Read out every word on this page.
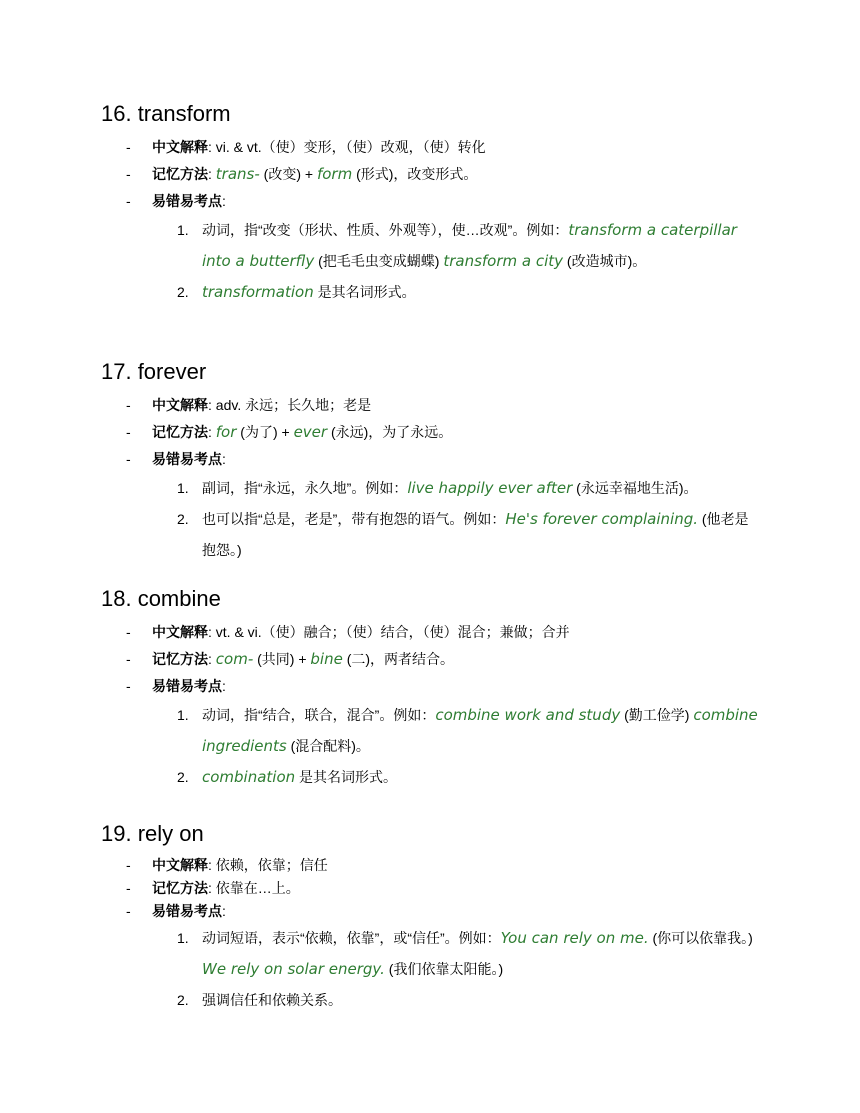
16. transform
- 中文解释: vi. & vt.（使）变形，（使）改观，（使）转化
- 记忆方法: trans- (改变) + form (形式)，改变形式。
- 易错易考点:
1. 动词，指“改变（形状、性质、外观等），使…改观”。例如：transform a caterpillar into a butterfly (把毛毛虫变成蝴蝶) transform a city (改造城市)。
2. transformation 是其名词形式。
17. forever
- 中文解释: adv. 永远；长久地；老是
- 记忆方法: for (为了) + ever (永远)，为了永远。
- 易错易考点:
1. 副词，指“永远，永久地”。例如：live happily ever after (永远幸福地生活)。
2. 也可以指“总是，老是”，带有抱怨的语气。例如：He's forever complaining. (他老是抱怨。)
18. combine
- 中文解释: vt. & vi.（使）融合；（使）结合，（使）混合；兼做；合并
- 记忆方法: com- (共同) + bine (二)，两者结合。
- 易错易考点:
1. 动词，指“结合，联合，混合”。例如：combine work and study (勤工俭学) combine ingredients (混合配料)。
2. combination 是其名词形式。
19. rely on
- 中文解释: 依赖，依靠；信任
- 记忆方法: 依靠在…上。
- 易错易考点:
1. 动词短语，表示“依赖，依靠”，或“信任”。例如：You can rely on me. (你可以依靠我。) We rely on solar energy. (我们依靠太阳能。)
2. 强调信任和依赖关系。
